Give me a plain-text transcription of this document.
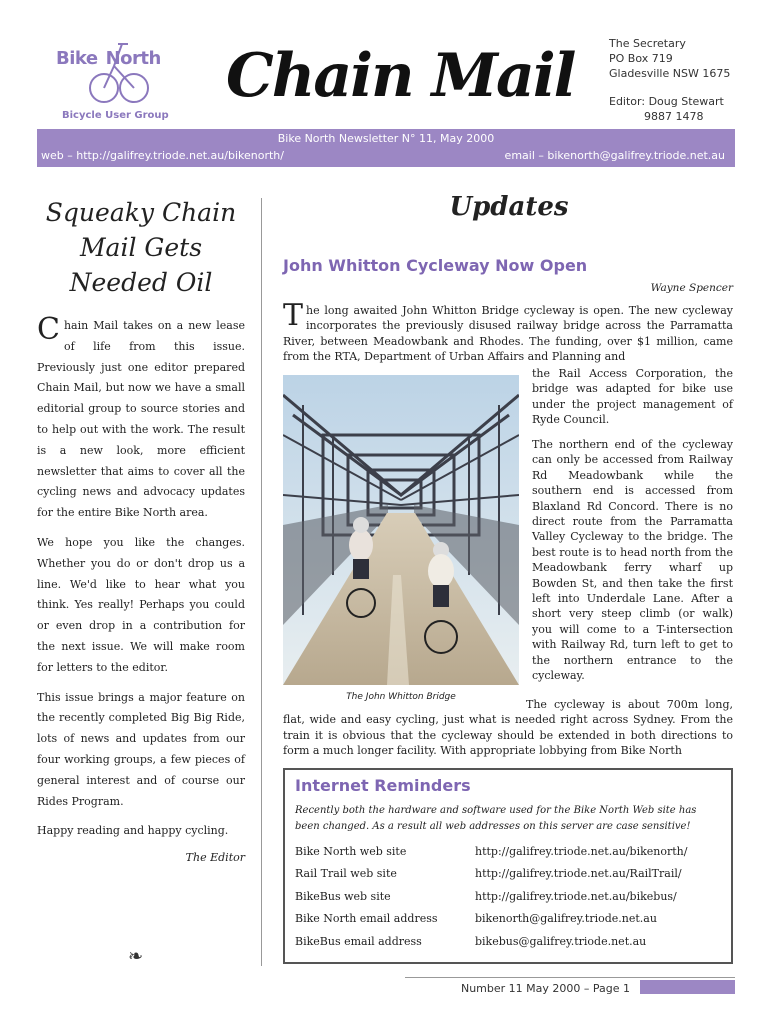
Bike North
Bicycle User Group
Chain Mail	The Secretary
PO Box 719
Gladesville NSW 1675
Editor: Doug Stewart
9887 1478
Bike North Newsletter N° 11, May 2000
web – http://galifrey.triode.net.au/bikenorth/	email – bikenorth@galifrey.triode.net.au
Squeaky Chain Mail Gets Needed Oil

Chain Mail takes on a new lease of life from this issue. Previously just one editor prepared Chain Mail, but now we have a small editorial group to source stories and to help out with the work. The result is a new look, more efficient newsletter that aims to cover all the cycling news and advocacy updates for the entire Bike North area.

We hope you like the changes. Whether you do or don't drop us a line. We'd like to hear what you think. Yes really! Perhaps you could or even drop in a contribution for the next issue. We will make room for letters to the editor.

This issue brings a major feature on the recently completed Big Big Ride, lots of news and updates from our four working groups, a few pieces of general interest and of course our Rides Program.

Happy reading and happy cycling.

The Editor

❧
Updates
John Whitton Cycleway Now Open
Wayne Spencer

The long awaited John Whitton Bridge cycleway is open. The new cycleway incorporates the previously disused railway bridge across the Parramatta River, between Meadowbank and Rhodes. The funding, over $1 million, came from the RTA, Department of Urban Affairs and Planning and

The John Whitton Bridge

the Rail Access Corporation, the bridge was adapted for bike use under the project management of Ryde Council.

The northern end of the cycleway can only be accessed from Railway Rd Meadowbank while the southern end is accessed from Blaxland Rd Concord. There is no direct route from the Parramatta Valley Cycleway to the bridge. The best route is to head north from the Meadowbank ferry wharf up Bowden St, and then take the first left into Underdale Lane. After a short very steep climb (or walk) you will come to a T-intersection with Railway Rd, turn left to get to the northern entrance to the cycleway.

The cycleway is about 700m long, flat, wide and easy cycling, just what is needed right across Sydney. From the train it is obvious that the cycleway should be extended in both directions to form a much longer facility. With appropriate lobbying from Bike North

Internet Reminders

Recently both the hardware and software used for the Bike North Web site has been changed. As a result all web addresses on this server are case sensitive!

Bike North web site	http://galifrey.triode.net.au/bikenorth/
Rail Trail web site	http://galifrey.triode.net.au/RailTrail/
BikeBus web site	http://galifrey.triode.net.au/bikebus/
Bike North email address	bikenorth@galifrey.triode.net.au
BikeBus email address	bikebus@galifrey.triode.net.au
Number 11 May 2000 – Page 1
